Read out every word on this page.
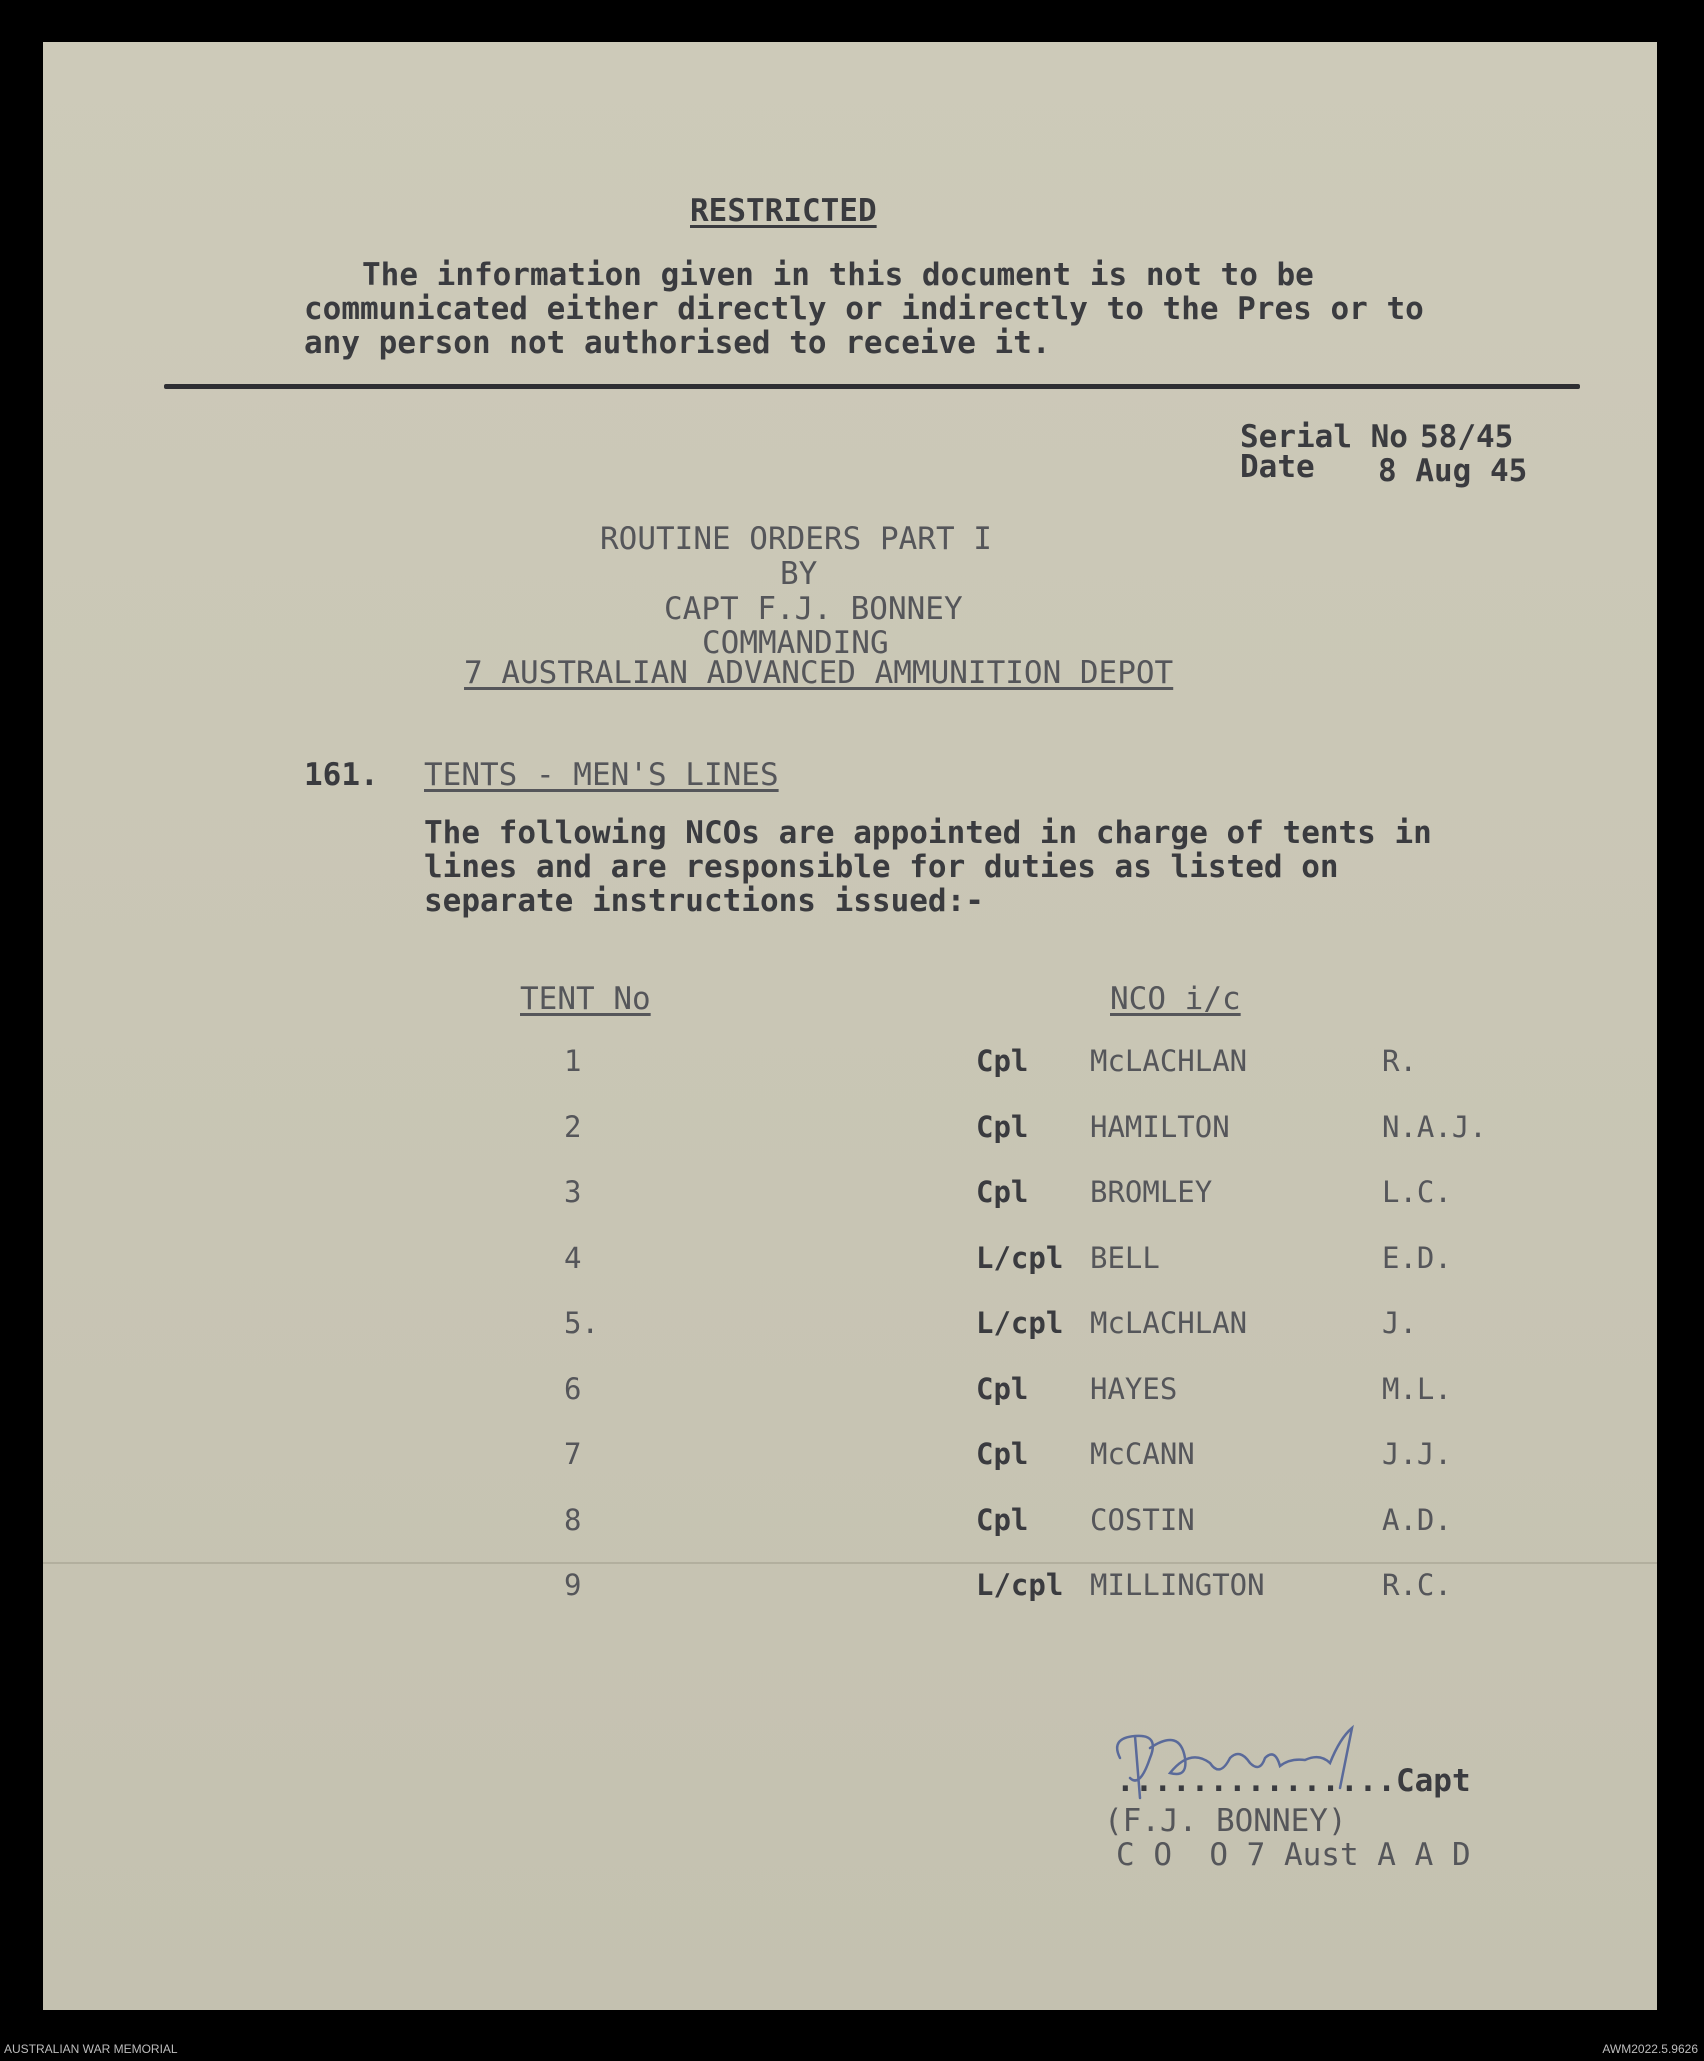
RESTRICTED
The information given in this document is not to be
communicated either directly or indirectly to the Pres or to
any person not authorised to receive it.
Serial No 58/45
Date 8 Aug 45
ROUTINE ORDERS PART I
BY
CAPT F.J. BONNEY
COMMANDING
7 AUSTRALIAN ADVANCED AMMUNITION DEPOT
161. TENTS - MEN'S LINES
The following NCOs are appointed in charge of tents in
lines and are responsible for duties as listed on
separate instructions issued:-
TENT No	NCO i/c
1	Cpl McLACHLAN	R.
2	Cpl HAMILTON	N.A.J.
3	Cpl BROMLEY	L.C.
4	L/cpl BELL	E.D.
5.	L/cpl McLACHLAN	J.
6	Cpl HAYES	M.L.
7	Cpl McCANN	J.J.
8	Cpl COSTIN	A.D.
9	L/cpl MILLINGTON	R.C.
...............Capt
(F.J. BONNEY)
C O  O 7 Aust A A D
AUSTRALIAN WAR MEMORIAL	AWM2022.5.9626
